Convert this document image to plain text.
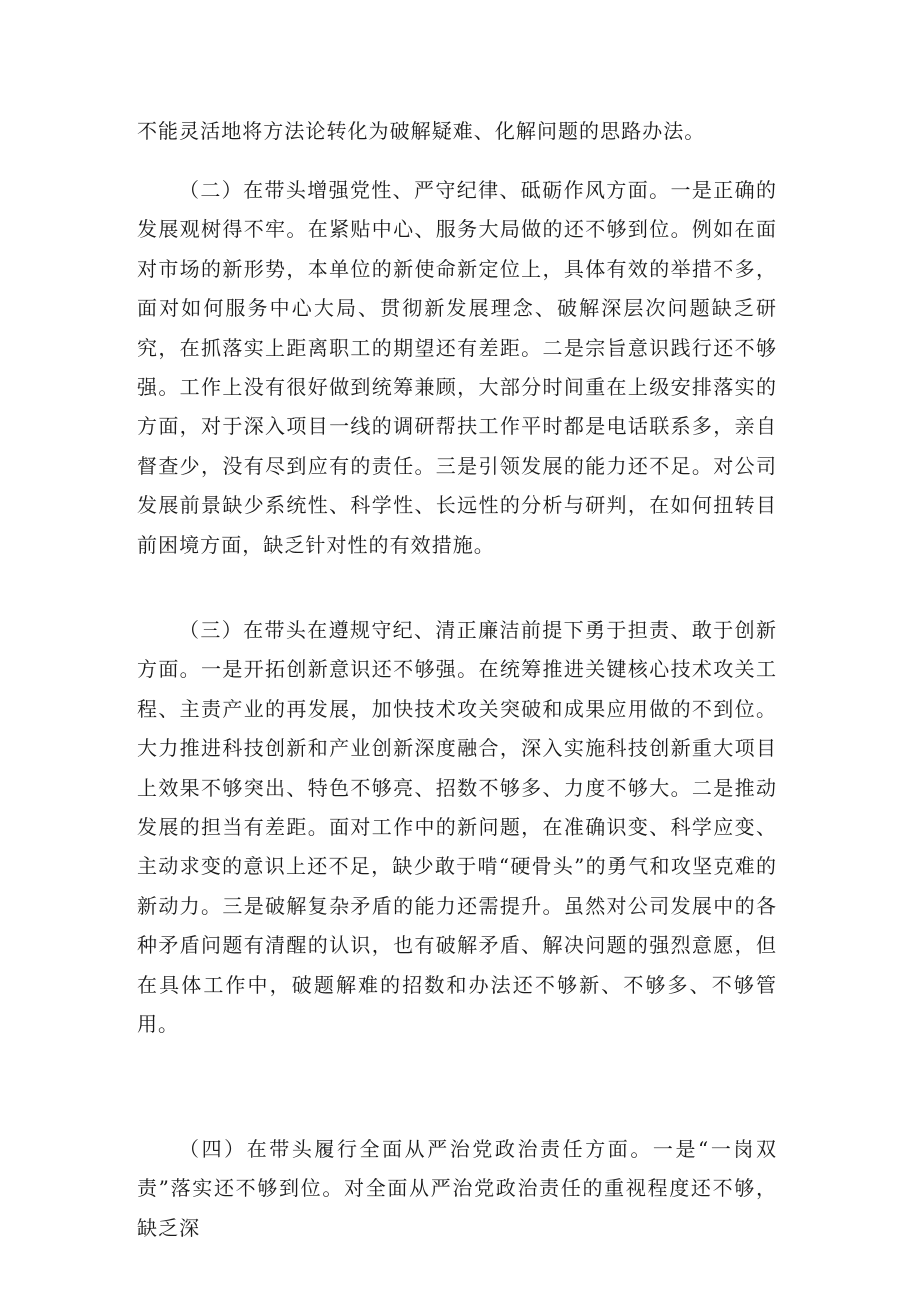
不能灵活地将方法论转化为破解疑难、化解问题的思路办法。

（二）在带头增强党性、严守纪律、砥砺作风方面。一是正确的发展观树得不牢。在紧贴中心、服务大局做的还不够到位。例如在面对市场的新形势，本单位的新使命新定位上，具体有效的举措不多，面对如何服务中心大局、贯彻新发展理念、破解深层次问题缺乏研究，在抓落实上距离职工的期望还有差距。二是宗旨意识践行还不够强。工作上没有很好做到统筹兼顾，大部分时间重在上级安排落实的方面，对于深入项目一线的调研帮扶工作平时都是电话联系多，亲自督查少，没有尽到应有的责任。三是引领发展的能力还不足。对公司发展前景缺少系统性、科学性、长远性的分析与研判，在如何扭转目前困境方面，缺乏针对性的有效措施。

（三）在带头在遵规守纪、清正廉洁前提下勇于担责、敢于创新方面。一是开拓创新意识还不够强。在统筹推进关键核心技术攻关工程、主责产业的再发展，加快技术攻关突破和成果应用做的不到位。大力推进科技创新和产业创新深度融合，深入实施科技创新重大项目上效果不够突出、特色不够亮、招数不够多、力度不够大。二是推动发展的担当有差距。面对工作中的新问题，在准确识变、科学应变、主动求变的意识上还不足，缺少敢于啃“硬骨头”的勇气和攻坚克难的新动力。三是破解复杂矛盾的能力还需提升。虽然对公司发展中的各种矛盾问题有清醒的认识，也有破解矛盾、解决问题的强烈意愿，但在具体工作中，破题解难的招数和办法还不够新、不够多、不够管用。

（四）在带头履行全面从严治党政治责任方面。一是“一岗双责”落实还不够到位。对全面从严治党政治责任的重视程度还不够，缺乏深
